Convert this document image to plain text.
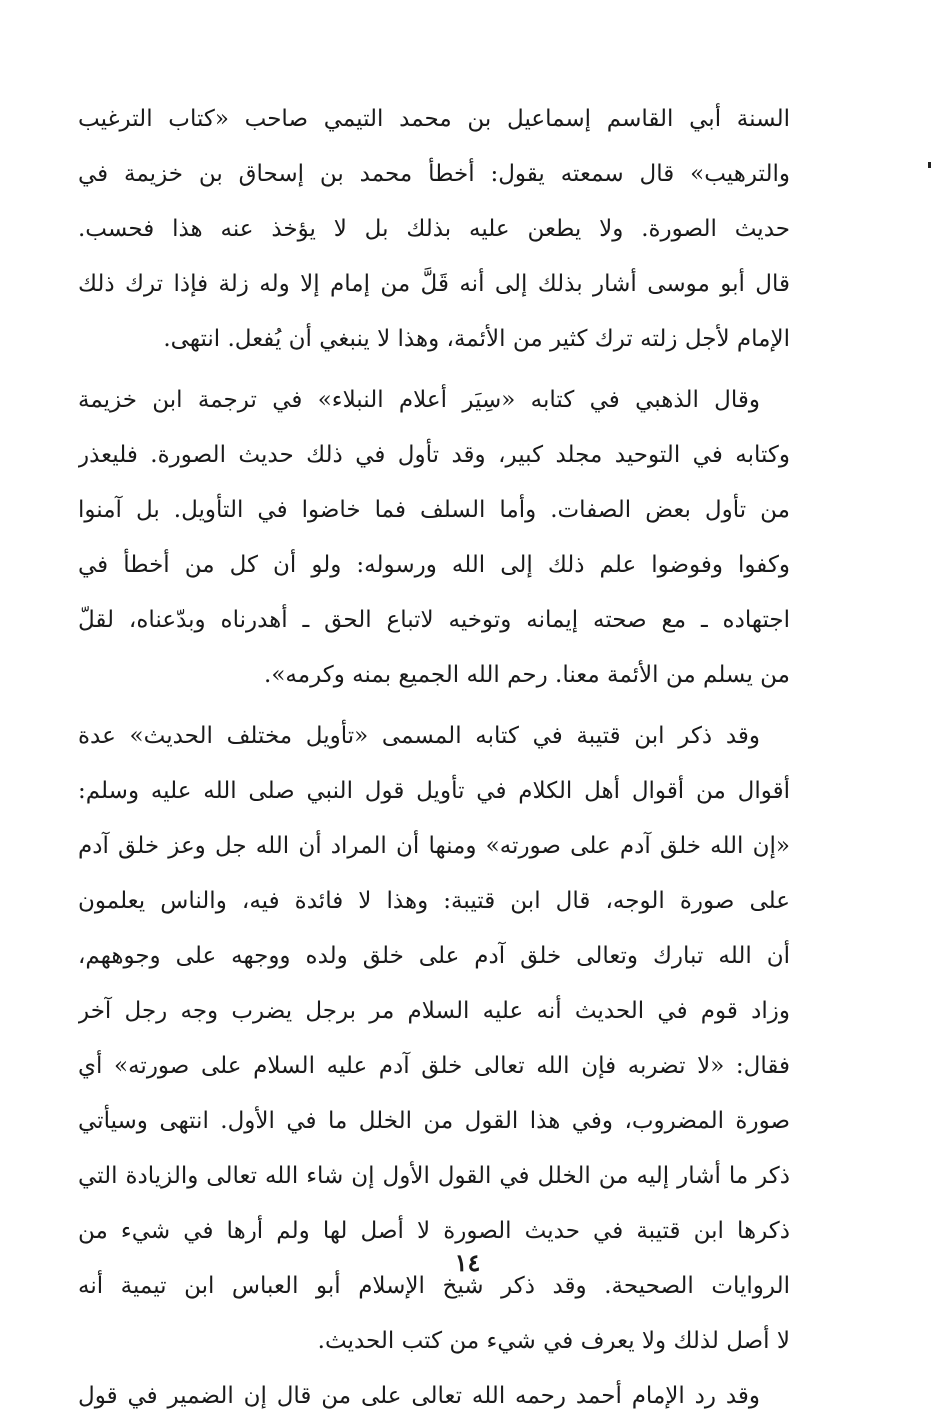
السنة أبي القاسم إسماعيل بن محمد التيمي صاحب «كتاب الترغيب
والترهيب» قال سمعته يقول: أخطأ محمد بن إسحاق بن خزيمة في
حديث الصورة. ولا يطعن عليه بذلك بل لا يؤخذ عنه هذا فحسب.
قال أبو موسى أشار بذلك إلى أنه قَلَّ من إمام إلا وله زلة فإذا ترك ذلك
الإمام لأجل زلته ترك كثير من الأئمة، وهذا لا ينبغي أن يُفعل. انتهى.
وقال الذهبي في كتابه «سِيَر أعلام النبلاء» في ترجمة ابن خزيمة
وكتابه في التوحيد مجلد كبير، وقد تأول في ذلك حديث الصورة. فليعذر
من تأول بعض الصفات. وأما السلف فما خاضوا في التأويل. بل آمنوا
وكفوا وفوضوا علم ذلك إلى الله ورسوله: ولو أن كل من أخطأ في
اجتهاده ـ مع صحته إيمانه وتوخيه لاتباع الحق ـ أهدرناه وبدّعناه، لقلّ
من يسلم من الأئمة معنا. رحم الله الجميع بمنه وكرمه».
وقد ذكر ابن قتيبة في كتابه المسمى «تأويل مختلف الحديث» عدة
أقوال من أقوال أهل الكلام في تأويل قول النبي صلى الله عليه وسلم:
«إن الله خلق آدم على صورته» ومنها أن المراد أن الله جل وعز خلق آدم
على صورة الوجه، قال ابن قتيبة: وهذا لا فائدة فيه، والناس يعلمون
أن الله تبارك وتعالى خلق آدم على خلق ولده ووجهه على وجوههم،
وزاد قوم في الحديث أنه عليه السلام مر برجل يضرب وجه رجل آخر
فقال: «لا تضربه فإن الله تعالى خلق آدم عليه السلام على صورته» أي
صورة المضروب، وفي هذا القول من الخلل ما في الأول. انتهى وسيأتي
ذكر ما أشار إليه من الخلل في القول الأول إن شاء الله تعالى والزيادة التي
ذكرها ابن قتيبة في حديث الصورة لا أصل لها ولم أرها في شيء من
الروايات الصحيحة. وقد ذكر شيخ الإسلام أبو العباس ابن تيمية أنه
لا أصل لذلك ولا يعرف في شيء من كتب الحديث.
وقد رد الإمام أحمد رحمه الله تعالى على من قال إن الضمير في قول
١٤
